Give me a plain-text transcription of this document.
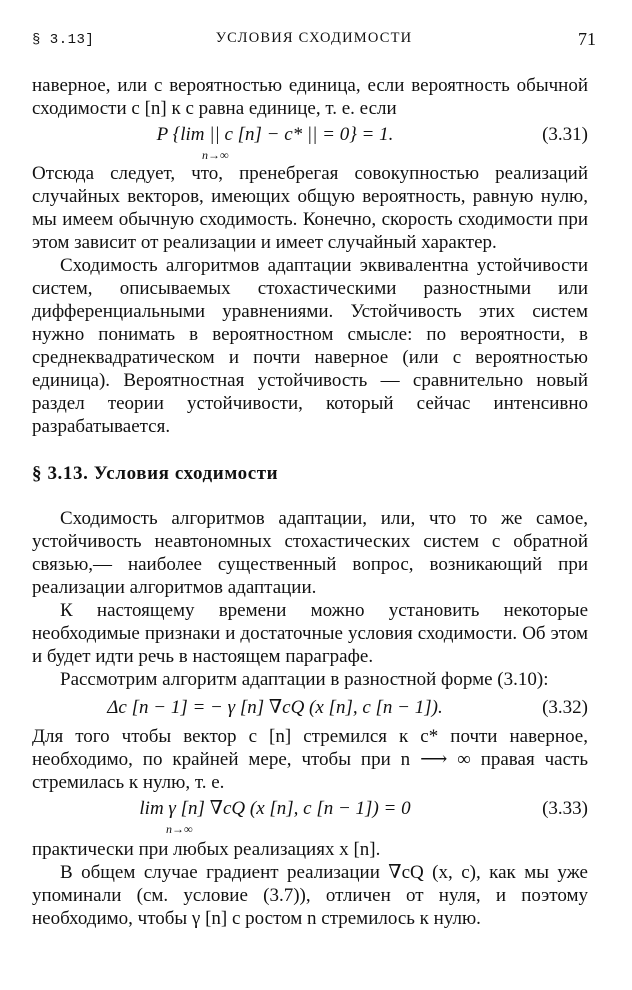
§ 3.13]	УСЛОВИЯ СХОДИМОСТИ	71

наверное, или с вероятностью единица, если вероятность обычной сходимости c [n] к c равна единице, т. е. если

P {lim || c [n] − c* || = 0} = 1.
n→∞
(3.31)

Отсюда следует, что, пренебрегая совокупностью реализаций случайных векторов, имеющих общую вероятность, равную нулю, мы имеем обычную сходимость. Конечно, скорость сходимости при этом зависит от реализации и имеет случайный характер.

Сходимость алгоритмов адаптации эквивалентна устойчивости систем, описываемых стохастическими разностными или дифференциальными уравнениями. Устойчивость этих систем нужно понимать в вероятностном смысле: по вероятности, в среднеквадратическом и почти наверное (или с вероятностью единица). Вероятностная устойчивость — сравнительно новый раздел теории устойчивости, который сейчас интенсивно разрабатывается.

§ 3.13. Условия сходимости

Сходимость алгоритмов адаптации, или, что то же самое, устойчивость неавтономных стохастических систем с обратной связью,— наиболее существенный вопрос, возникающий при реализации алгоритмов адаптации.

К настоящему времени можно установить некоторые необходимые признаки и достаточные условия сходимости. Об этом и будет идти речь в настоящем параграфе.

Рассмотрим алгоритм адаптации в разностной форме (3.10):

Δc [n − 1] = − γ [n] ∇cQ (x [n], c [n − 1]).	(3.32)

Для того чтобы вектор c [n] стремился к c* почти наверное, необходимо, по крайней мере, чтобы при n ⟶ ∞ правая часть стремилась к нулю, т. е.

lim γ [n] ∇cQ (x [n], c [n − 1]) = 0
n→∞
(3.33)

практически при любых реализациях x [n].

В общем случае градиент реализации ∇cQ (x, c), как мы уже упоминали (см. условие (3.7)), отличен от нуля, и поэтому необходимо, чтобы γ [n] с ростом n стремилось к нулю.
